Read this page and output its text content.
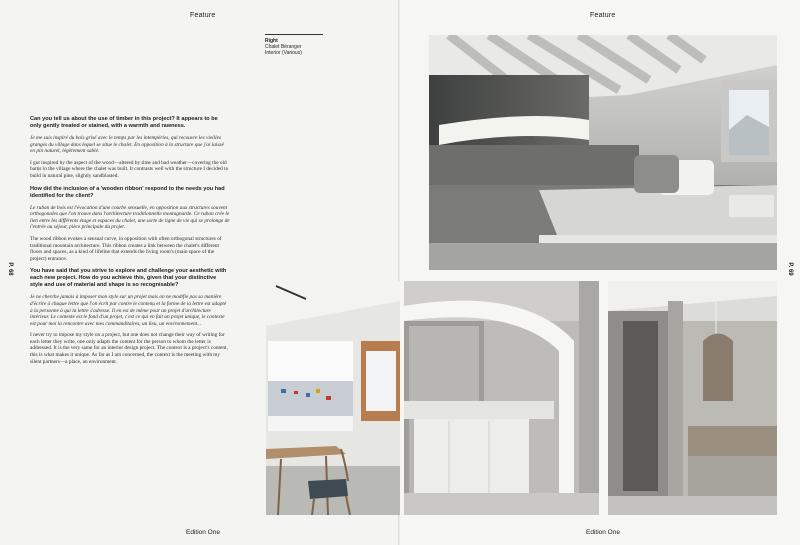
Feature	Feature
Edition One	Edition One
P. 68	P. 69

Can you tell us about the use of timber in this project? It appears to be only gently treated or stained, with a warmth and rawness.

Je me suis inspiré du bois grisé avec le temps par les intempéries, qui recouvre les vieilles granges du village dans lequel se situe le chalet. En opposition à la structure que j'ai laissé en pin naturel, légèrement sablé.

I got inspired by the aspect of the wood—altered by time and bad weather—covering the old barns in the village where the chalet was built. It contrasts well with the structure I decided to build in natural pine, slightly sandblasted.

How did the inclusion of a 'wooden ribbon' respond to the needs you had identified for the client?

Le ruban de bois est l'évocation d'une courbe sensuelle, en opposition aux structures souvent orthogonales que l'on trouve dans l'architecture traditionnelle montagnarde. Ce ruban crée le lien entre les différents étage et espaces du chalet, une sorte de ligne de vie qui se prolonge de l'entrée au séjour, pièce principale du projet.

The wood ribbon evokes a sensual curve, in opposition with often orthogonal structures of traditional mountain architecture. This ribbon creates a link between the chalet's different floors and spaces, as a kind of lifeline that extends the living room's (main space of the project) entrance.

You have said that you strive to explore and challenge your aesthetic with each new project. How do you achieve this, given that your distinctive style and use of material and shape is so recognisable?

Je ne cherche jamais à imposer mon style sur un projet mais on ne modifie pas sa manière d'écrire à chaque lettre que l'on écrit par contre le contenu et la forme de la lettre est adapté à la personne à qui la lettre s'adresse. Il en est de même pour un projet d'architecture intérieur. Le contexte est le fond d'un projet, c'est ce qui en fait un projet unique, le contexte est pour moi la rencontre avec mes commanditaires, un lieu, un environnement...

I never try to impose my style on a project, but one does not change their way of writing for each letter they write, one only adapts the content for the person to whom the letter is addressed. It is the very same for an interior design project. The context is a project's content, this is what makes it unique. As far as I am concerned, the context is the meeting with my silent partners—a place, an environment.

Right
Chalet Béranger
Interior (Various)
